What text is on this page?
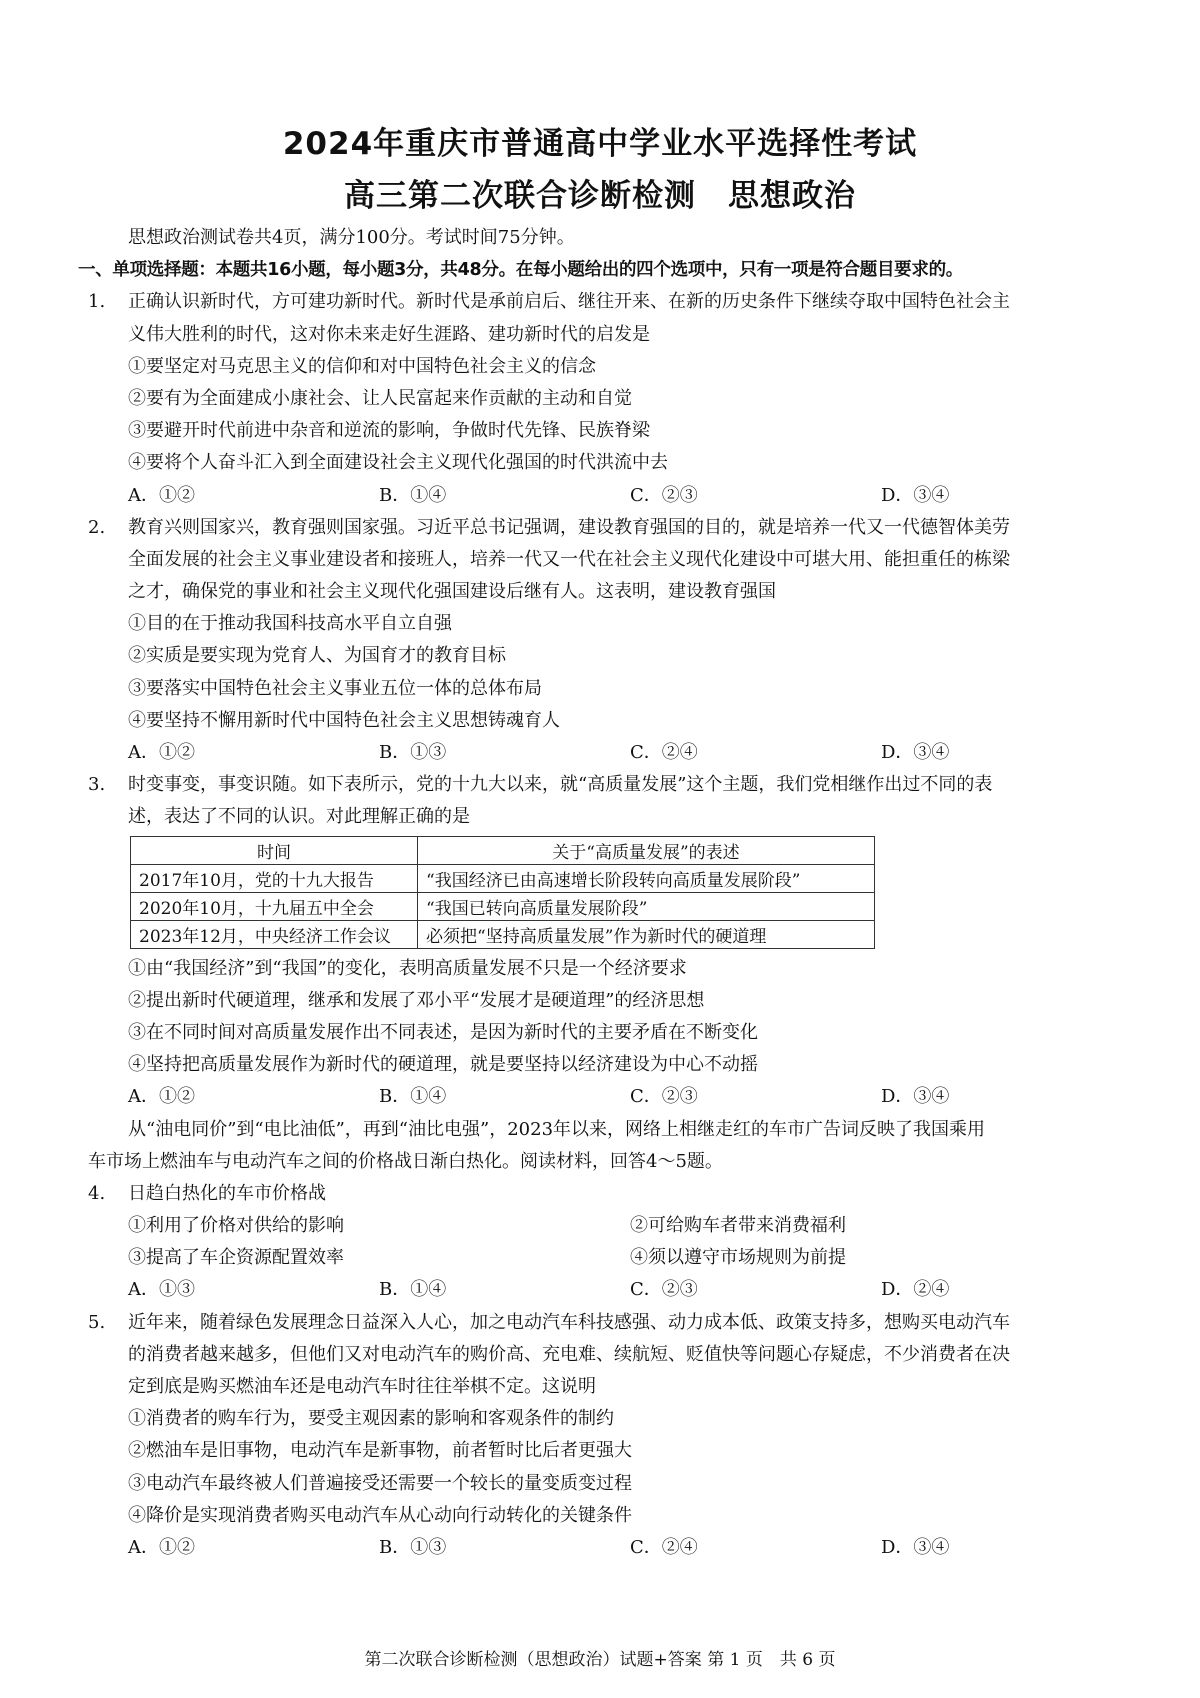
2024年重庆市普通高中学业水平选择性考试
高三第二次联合诊断检测　思想政治
思想政治测试卷共4页，满分100分。考试时间75分钟。
一、单项选择题：本题共16小题，每小题3分，共48分。在每小题给出的四个选项中，只有一项是符合题目要求的。
1.	正确认识新时代，方可建功新时代。新时代是承前启后、继往开来、在新的历史条件下继续夺取中国特色社会主
义伟大胜利的时代，这对你未来走好生涯路、建功新时代的启发是
①要坚定对马克思主义的信仰和对中国特色社会主义的信念
②要有为全面建成小康社会、让人民富起来作贡献的主动和自觉
③要避开时代前进中杂音和逆流的影响，争做时代先锋、民族脊梁
④要将个人奋斗汇入到全面建设社会主义现代化强国的时代洪流中去
A．①②	B．①④	C．②③	D．③④
2.	教育兴则国家兴，教育强则国家强。习近平总书记强调，建设教育强国的目的，就是培养一代又一代德智体美劳
全面发展的社会主义事业建设者和接班人，培养一代又一代在社会主义现代化建设中可堪大用、能担重任的栋梁
之才，确保党的事业和社会主义现代化强国建设后继有人。这表明，建设教育强国
①目的在于推动我国科技高水平自立自强
②实质是要实现为党育人、为国育才的教育目标
③要落实中国特色社会主义事业五位一体的总体布局
④要坚持不懈用新时代中国特色社会主义思想铸魂育人
A．①②	B．①③	C．②④	D．③④
3.	时变事变，事变识随。如下表所示，党的十九大以来，就“高质量发展”这个主题，我们党相继作出过不同的表
述，表达了不同的认识。对此理解正确的是
时间	关于“高质量发展”的表述
2017年10月，党的十九大报告	“我国经济已由高速增长阶段转向高质量发展阶段”
2020年10月，十九届五中全会	“我国已转向高质量发展阶段”
2023年12月，中央经济工作会议	必须把“坚持高质量发展”作为新时代的硬道理
①由“我国经济”到“我国”的变化，表明高质量发展不只是一个经济要求
②提出新时代硬道理，继承和发展了邓小平“发展才是硬道理”的经济思想
③在不同时间对高质量发展作出不同表述，是因为新时代的主要矛盾在不断变化
④坚持把高质量发展作为新时代的硬道理，就是要坚持以经济建设为中心不动摇
A．①②	B．①④	C．②③	D．③④
从“油电同价”到“电比油低”，再到“油比电强”，2023年以来，网络上相继走红的车市广告词反映了我国乘用
车市场上燃油车与电动汽车之间的价格战日渐白热化。阅读材料，回答4～5题。
4.	日趋白热化的车市价格战
①利用了价格对供给的影响	②可给购车者带来消费福利
③提高了车企资源配置效率	④须以遵守市场规则为前提
A．①③	B．①④	C．②③	D．②④
5.	近年来，随着绿色发展理念日益深入人心，加之电动汽车科技感强、动力成本低、政策支持多，想购买电动汽车
的消费者越来越多，但他们又对电动汽车的购价高、充电难、续航短、贬值快等问题心存疑虑，不少消费者在决
定到底是购买燃油车还是电动汽车时往往举棋不定。这说明
①消费者的购车行为，要受主观因素的影响和客观条件的制约
②燃油车是旧事物，电动汽车是新事物，前者暂时比后者更强大
③电动汽车最终被人们普遍接受还需要一个较长的量变质变过程
④降价是实现消费者购买电动汽车从心动向行动转化的关键条件
A．①②	B．①③	C．②④	D．③④
第二次联合诊断检测（思想政治）试题+答案 第 1 页　共 6 页
